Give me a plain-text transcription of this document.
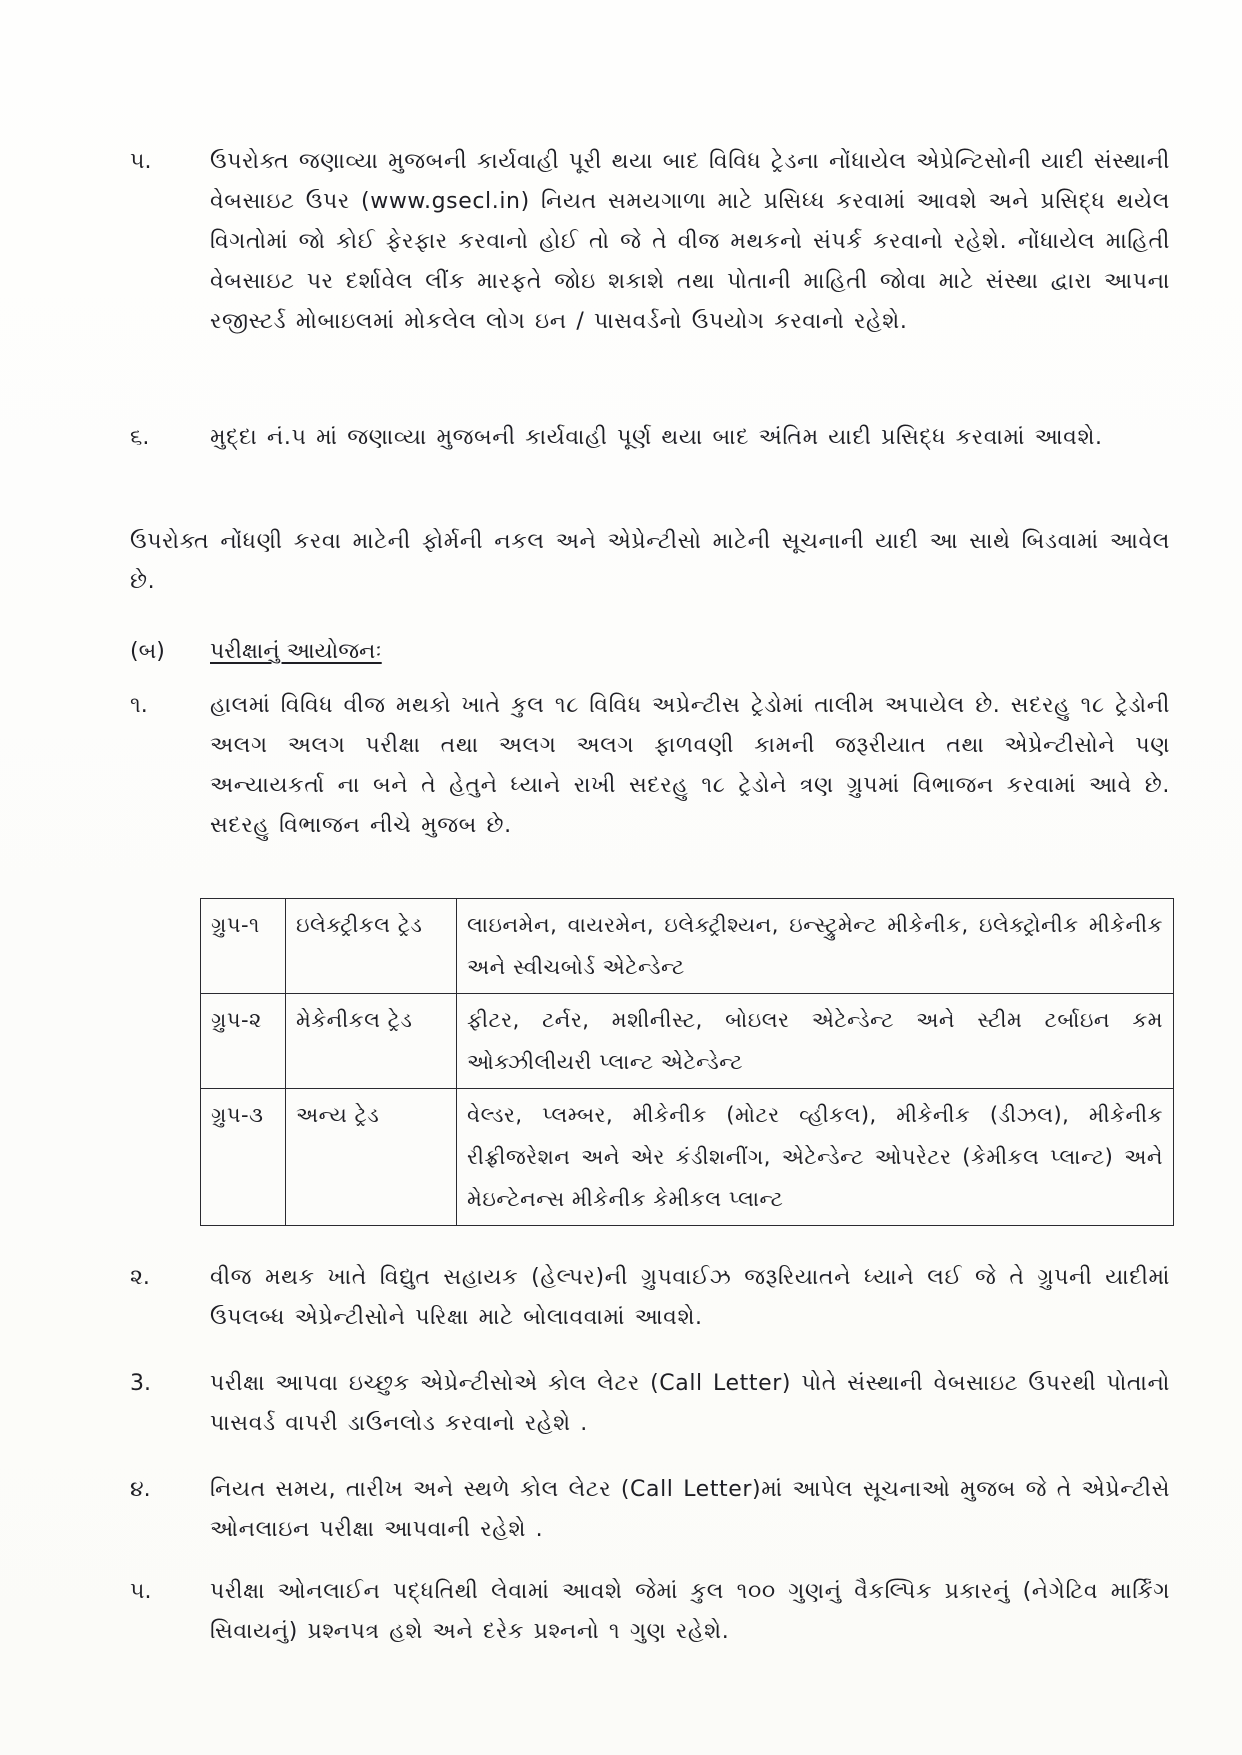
૫.	ઉપરોક્ત જણાવ્યા મુજબની કાર્યવાહી પૂરી થયા બાદ વિવિધ ટ્રેડના નોંધાયેલ એપ્રેન્ટિસોની યાદી સંસ્થાની વેબસાઇટ ઉપર (www.gsecl.in) નિયત સમયગાળા માટે પ્રસિધ્ધ કરવામાં આવશે અને પ્રસિદ્ધ થયેલ વિગતોમાં જો કોઈ ફેરફાર કરવાનો હોઈ તો જે તે વીજ મથકનો સંપર્ક કરવાનો રહેશે. નોંધાયેલ માહિતી વેબસાઇટ પર દર્શાવેલ લીંક મારફતે જોઇ શકાશે તથા પોતાની માહિતી જોવા માટે સંસ્થા દ્વારા આપના રજીસ્ટર્ડ મોબાઇલમાં મોકલેલ લોગ ઇન / પાસવર્ડનો ઉપયોગ કરવાનો રહેશે.
૬.	મુદ્દા નં.૫ માં જણાવ્યા મુજબની કાર્યવાહી પૂર્ણ થયા બાદ અંતિમ યાદી પ્રસિદ્ધ કરવામાં આવશે.
ઉપરોક્ત નોંધણી કરવા માટેની ફોર્મની નકલ અને એપ્રેન્ટીસો માટેની સૂચનાની યાદી આ સાથે બિડવામાં આવેલ છે.
(બ) પરીક્ષાનું આયોજનઃ
૧.	હાલમાં વિવિધ વીજ મથકો ખાતે કુલ ૧૮ વિવિધ અપ્રેન્ટીસ ટ્રેડોમાં તાલીમ અપાયેલ છે. સદરહુ ૧૮ ટ્રેડોની અલગ અલગ પરીક્ષા તથા અલગ અલગ ફાળવણી કામની જરૂરીયાત તથા એપ્રેન્ટીસોને પણ અન્યાયકર્તા ના બને તે હેતુને ધ્યાને રાખી સદરહુ ૧૮ ટ્રેડોને ત્રણ ગ્રુપમાં વિભાજન કરવામાં આવે છે. સદરહુ વિભાજન નીચે મુજબ છે.
ગ્રુપ-૧	ઇલેક્ટ્રીકલ ટ્રેડ	લાઇનમેન, વાયરમેન, ઇલેક્ટ્રીશ્યન, ઇન્સ્ટ્રુમેન્ટ મીકેનીક, ઇલેક્ટ્રોનીક મીકેનીક અને સ્વીચબોર્ડ એટેન્ડેન્ટ
ગ્રુપ-૨	મેકેનીકલ ટ્રેડ	ફીટર, ટર્નર, મશીનીસ્ટ, બોઇલર એટેન્ડેન્ટ અને સ્ટીમ ટર્બાઇન કમ ઓક્ઝીલીયરી પ્લાન્ટ એટેન્ડેન્ટ
ગ્રુપ-૩	અન્ય ટ્રેડ	વેલ્ડર, પ્લમ્બર, મીકેનીક (મોટર વ્હીકલ), મીકેનીક (ડીઝલ), મીકેનીક રીફ્રીજરેશન અને એર કંડીશનીંગ, એટેન્ડેન્ટ ઓપરેટર (કેમીકલ પ્લાન્ટ) અને મેઇન્ટેનન્સ મીકેનીક કેમીકલ પ્લાન્ટ
૨.	વીજ મથક ખાતે વિદ્યુત સહાયક (હેલ્પર)ની ગ્રુપવાઈઝ જરૂરિયાતને ધ્યાને લઈ જે તે ગ્રુપની યાદીમાં ઉપલબ્ધ એપ્રેન્ટીસોને પરિક્ષા માટે બોલાવવામાં આવશે.
3.	પરીક્ષા આપવા ઇચ્છુક એપ્રેન્ટીસોએ કોલ લેટર (Call Letter) પોતે સંસ્થાની વેબસાઇટ ઉપરથી પોતાનો પાસવર્ડ વાપરી ડાઉનલોડ કરવાનો રહેશે .
૪.	નિયત સમય, તારીખ અને સ્થળે કોલ લેટર (Call Letter)માં આપેલ સૂચનાઓ મુજબ જે તે એપ્રેન્ટીસે ઓનલાઇન પરીક્ષા આપવાની રહેશે .
૫.	પરીક્ષા ઓનલાઈન પદ્ધતિથી લેવામાં આવશે જેમાં કુલ ૧૦૦ ગુણનું વૈકલ્પિક પ્રકારનું (નેગેટિવ માર્કિંગ સિવાયનું) પ્રશ્નપત્ર હશે અને દરેક પ્રશ્નનો ૧ ગુણ રહેશે.
